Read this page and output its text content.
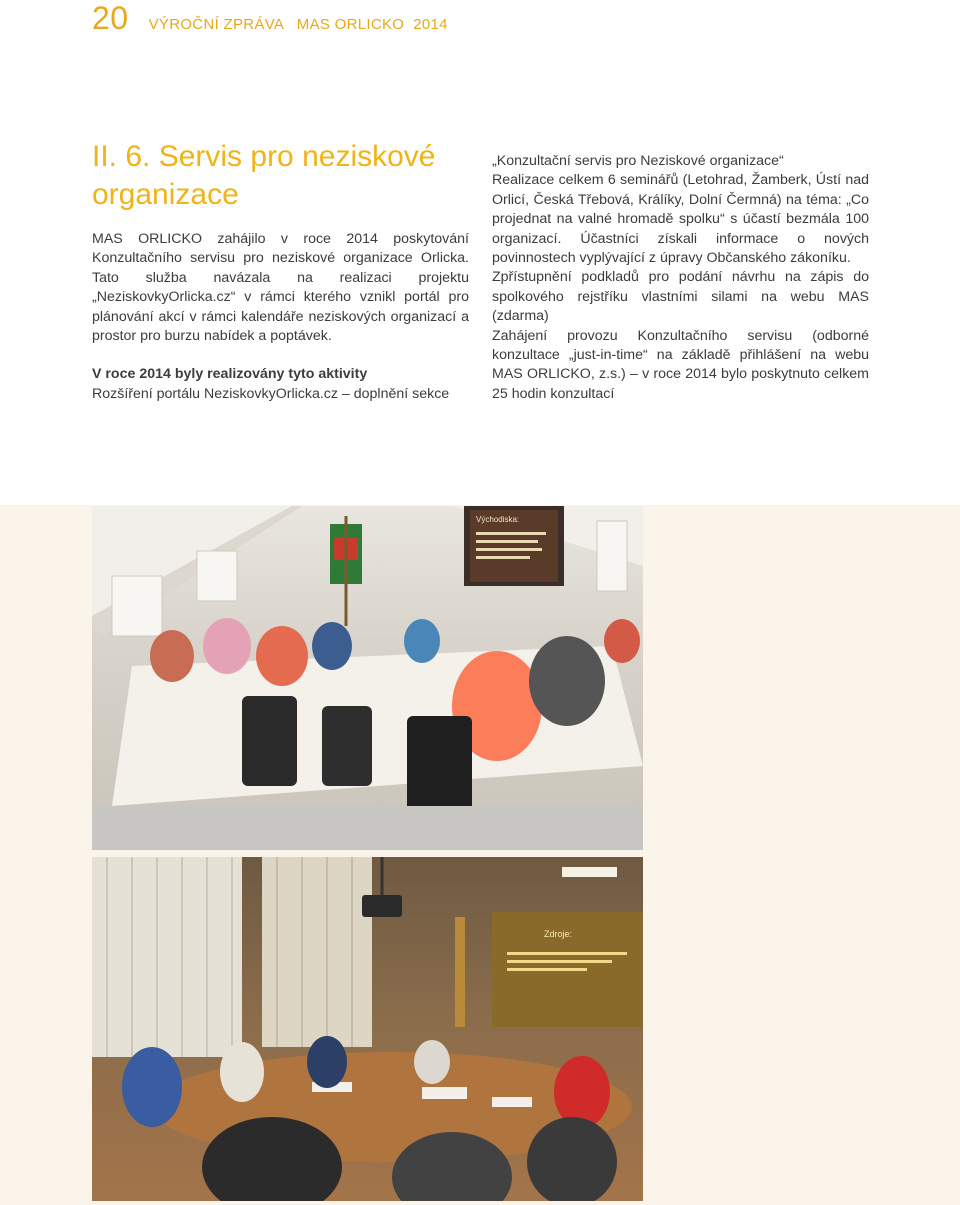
20 VÝROČNÍ ZPRÁVA   MAS ORLICKO  2014
II. 6. Servis pro neziskové
organizace

MAS ORLICKO zahájilo v roce 2014 poskytování Konzultačního servisu pro neziskové organizace Orlicka. Tato služba navázala na realizaci projektu „NeziskovkyOrlicka.cz“ v rámci kterého vznikl portál pro plánování akcí v rámci kalendáře neziskových organizací a prostor pro burzu nabídek a poptávek.

V roce 2014 byly realizovány tyto aktivity

Rozšíření portálu NeziskovkyOrlicka.cz – doplnění sekce

„Konzultační servis pro Neziskové organizace“

Realizace celkem 6 seminářů (Letohrad, Žamberk, Ústí nad Orlicí, Česká Třebová, Králíky, Dolní Čermná) na téma: „Co projednat na valné hromadě spolku“ s účastí bezmála 100 organizací. Účastníci získali informace o nových povinnostech vyplývající z úpravy Občanského zákoníku.

Zpřístupnění podkladů pro podání návrhu na zápis do spolkového rejstříku vlastními silami na webu MAS (zdarma)

Zahájení provozu Konzultačního servisu (odborné konzultace „just-in-time“ na základě přihlášení na webu MAS ORLICKO, z.s.) – v roce 2014 bylo poskytnuto celkem 25 hodin konzultací

Východiska:
Zdroje:
